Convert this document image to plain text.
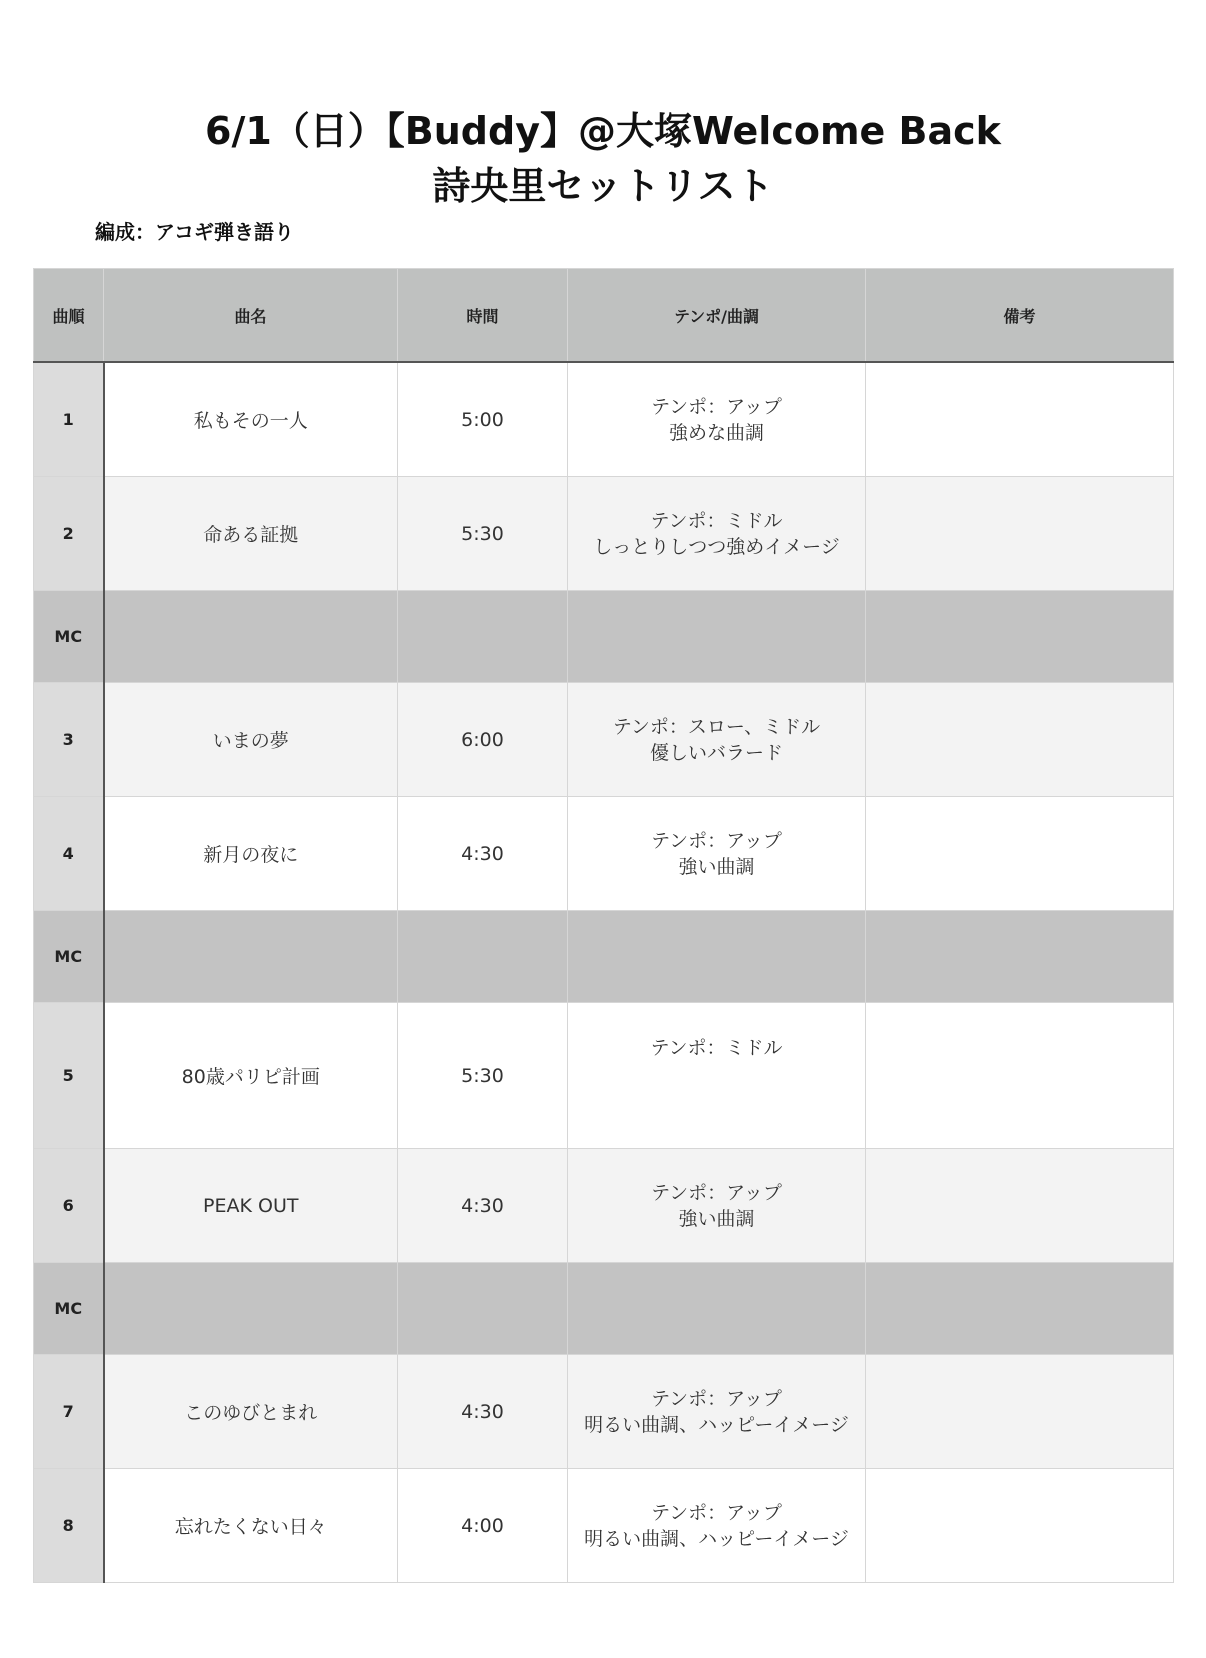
6/1（日）【Buddy】@大塚Welcome Back
詩央里セットリスト
編成：アコギ弾き語り
曲順	曲名	時間	テンポ/曲調	備考
1	私もその一人	5:00	テンポ：アップ
強めな曲調	

2	命ある証拠	5:30	テンポ：ミドル
しっとりしつつ強めイメージ	

MC				
3	いまの夢	6:00	テンポ：スロー、ミドル
優しいバラード	

4	新月の夜に	4:30	テンポ：アップ
強い曲調	

MC				
5	80歳パリピ計画	5:30	テンポ：ミドル	

6	PEAK OUT	4:30	テンポ：アップ
強い曲調	

MC				
7	このゆびとまれ	4:30	テンポ：アップ
明るい曲調、ハッピーイメージ	

8	忘れたくない日々	4:00	テンポ：アップ
明るい曲調、ハッピーイメージ	
